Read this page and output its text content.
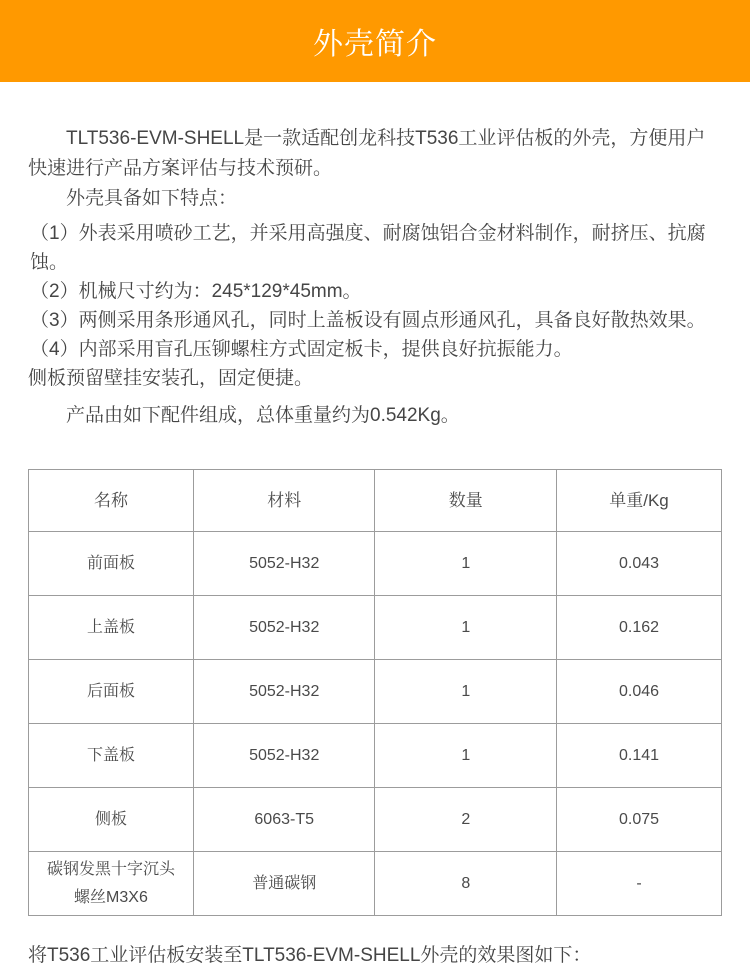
外壳简介

TLT536-EVM-SHELL是一款适配创龙科技T536工业评估板的外壳，方便用户快速进行产品方案评估与技术预研。

外壳具备如下特点：

（1）外表采用喷砂工艺，并采用高强度、耐腐蚀铝合金材料制作，耐挤压、抗腐蚀。

（2）机械尺寸约为：245*129*45mm。

（3）两侧采用条形通风孔，同时上盖板设有圆点形通风孔，具备良好散热效果。

（4）内部采用盲孔压铆螺柱方式固定板卡，提供良好抗振能力。

侧板预留壁挂安装孔，固定便捷。

产品由如下配件组成，总体重量约为0.542Kg。

名称	材料	数量	单重/Kg
前面板	5052-H32	1	0.043
上盖板	5052-H32	1	0.162
后面板	5052-H32	1	0.046
下盖板	5052-H32	1	0.141
侧板	6063-T5	2	0.075
碳钢发黑十字沉头螺丝M3X6	普通碳钢	8	-

将T536工业评估板安装至TLT536-EVM-SHELL外壳的效果图如下：
